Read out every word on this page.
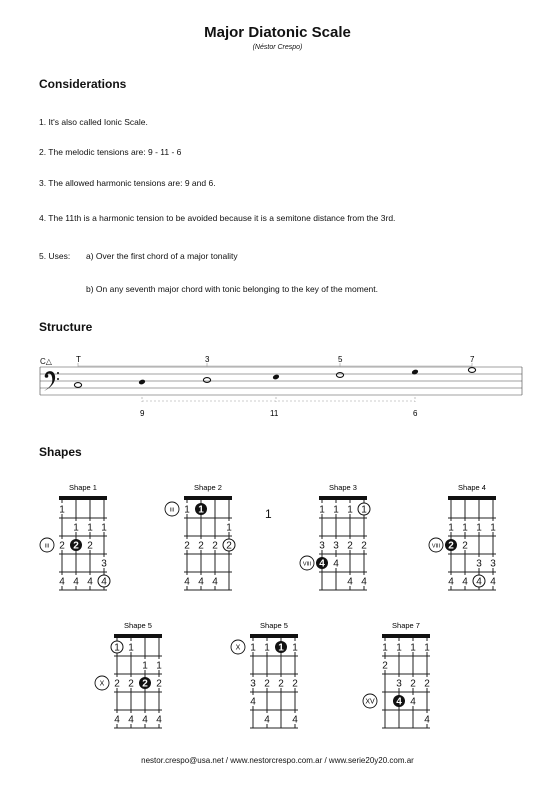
Major Diatonic Scale
(Néstor Crespo)
Considerations
1. It's also called Ionic Scale.
2. The melodic tensions are: 9 - 11 - 6
3. The allowed harmonic tensions are: 9 and 6.
4. The 11th is a harmonic tension to be avoided because it is a semitone distance from the 3rd.
5. Uses: a) Over the first chord of a major tonality
b) On any seventh major chord with tonic belonging to the key of the moment.
Structure
C△	T	3	5	7
9	11	6
Shapes
1
Shape 1
III
1
1 1 1
2 2 2
3
4 4 4 4
Shape 2
III 1 1
1
2 2 2 2
4 4 4
Shape 3
VIII
1 1 1 1
3 3 2 2
4 4
4 4
Shape 4
VIII
1 1 1 1
2 2
3 3
4 4 4 4
Shape 5
X
1 1
1 1
2 2 2 2
4 4 4 4
Shape 5
X 1 1 1 1
3 2 2 2
4
4 4
Shape 7
XV
1 1 1 1
2
3 2 2
4 4
4
nestor.crespo@usa.net / www.nestorcrespo.com.ar / www.serie20y20.com.ar
